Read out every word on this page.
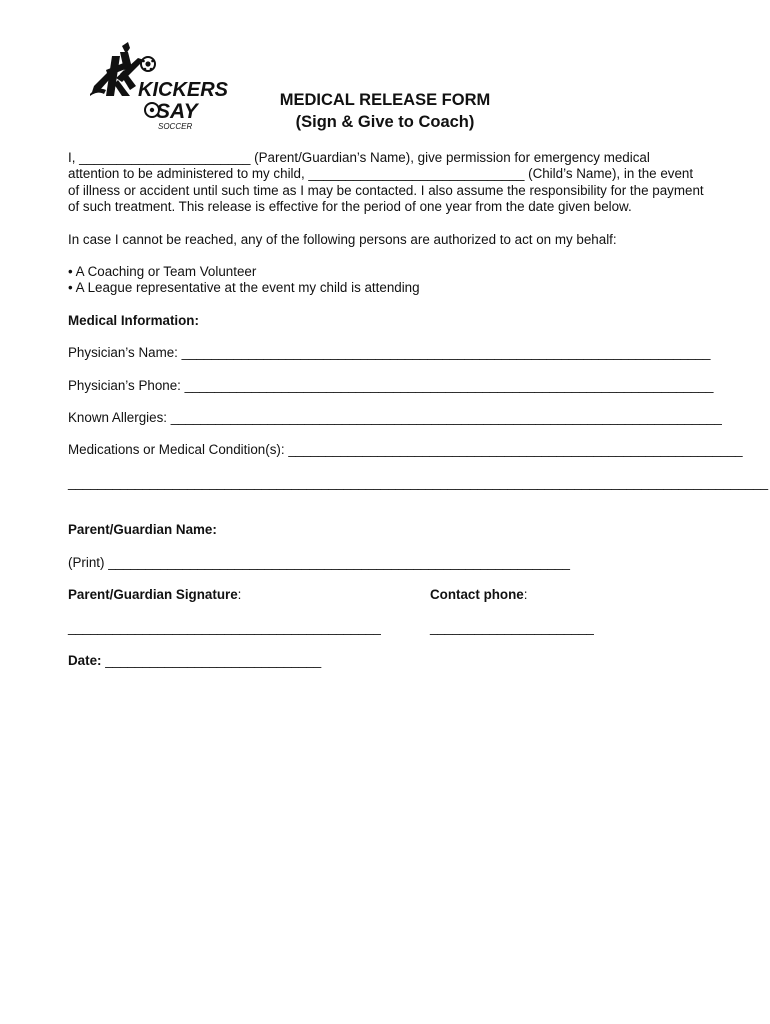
KICKERS
SAY
SOCCER
MEDICAL RELEASE FORM
(Sign & Give to Coach)

I, _______________________ (Parent/Guardian’s Name), give permission for emergency medical attention to be administered to my child, _____________________________ (Child’s Name), in the event of illness or accident until such time as I may be contacted. I also assume the responsibility for the payment of such treatment. This release is effective for the period of one year from the date given below.

In case I cannot be reached, any of the following persons are authorized to act on my behalf:

• A Coaching or Team Volunteer
• A League representative at the event my child is attending
Medical Information:
Physician’s Name: _______________________________________________________________________
Physician’s Phone: _______________________________________________________________________
Known Allergies: __________________________________________________________________________
Medications or Medical Condition(s): _____________________________________________________________
______________________________________________________________________________________________
Parent/Guardian Name:
(Print) ______________________________________________________________
Parent/Guardian Signature:	Contact phone:
__________________________________________	______________________
Date: _____________________________
